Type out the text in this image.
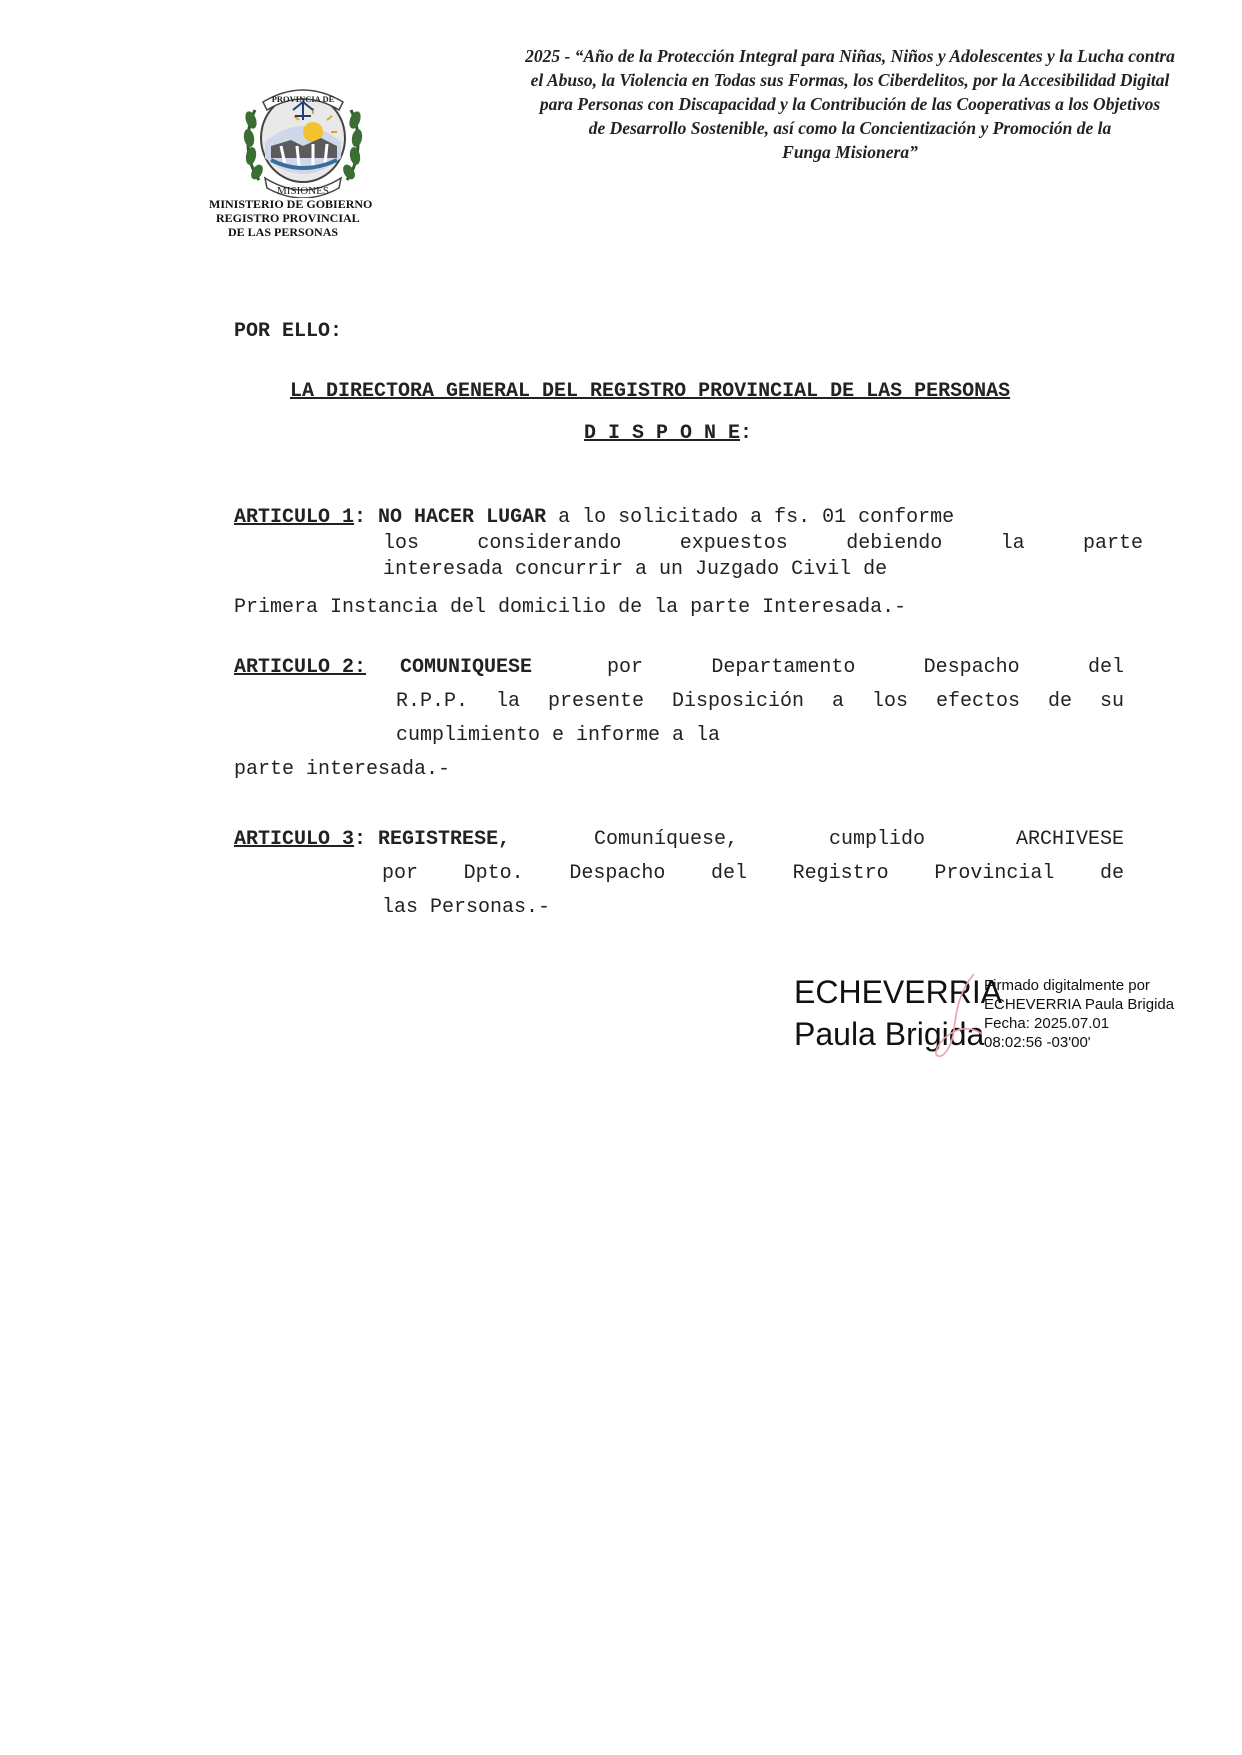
PROVINCIA DE
MISIONES
MINISTERIO DE GOBIERNO
REGISTRO PROVINCIAL
DE LAS PERSONAS
2025 - “Año de la Protección Integral para Niñas, Niños y Adolescentes y la Lucha contra
el Abuso, la Violencia en Todas sus Formas, los Ciberdelitos, por la Accesibilidad Digital
para Personas con Discapacidad y la Contribución de las Cooperativas a los Objetivos
de Desarrollo Sostenible, así como la Concientización y Promoción de la
Funga Misionera”
POR ELLO:
LA DIRECTORA GENERAL DEL REGISTRO PROVINCIAL DE LAS PERSONAS
D I S P O N E:
ARTICULO 1: NO HACER LUGAR a lo solicitado a fs. 01 conforme
los considerando expuestos debiendo la parte
interesada concurrir a un Juzgado Civil de
Primera Instancia del domicilio de la parte Interesada.-
ARTICULO 2: COMUNIQUESE	por Departamento Despacho del
R.P.P. la presente Disposición a los efectos de su
cumplimiento e informe a la
parte interesada.-
ARTICULO 3: REGISTRESE,	Comuníquese, cumplido ARCHIVESE
por Dpto. Despacho del Registro Provincial de
las Personas.-
ECHEVERRIA
Paula Brigida
Firmado digitalmente por
ECHEVERRIA Paula Brigida
Fecha: 2025.07.01
08:02:56 -03'00'
